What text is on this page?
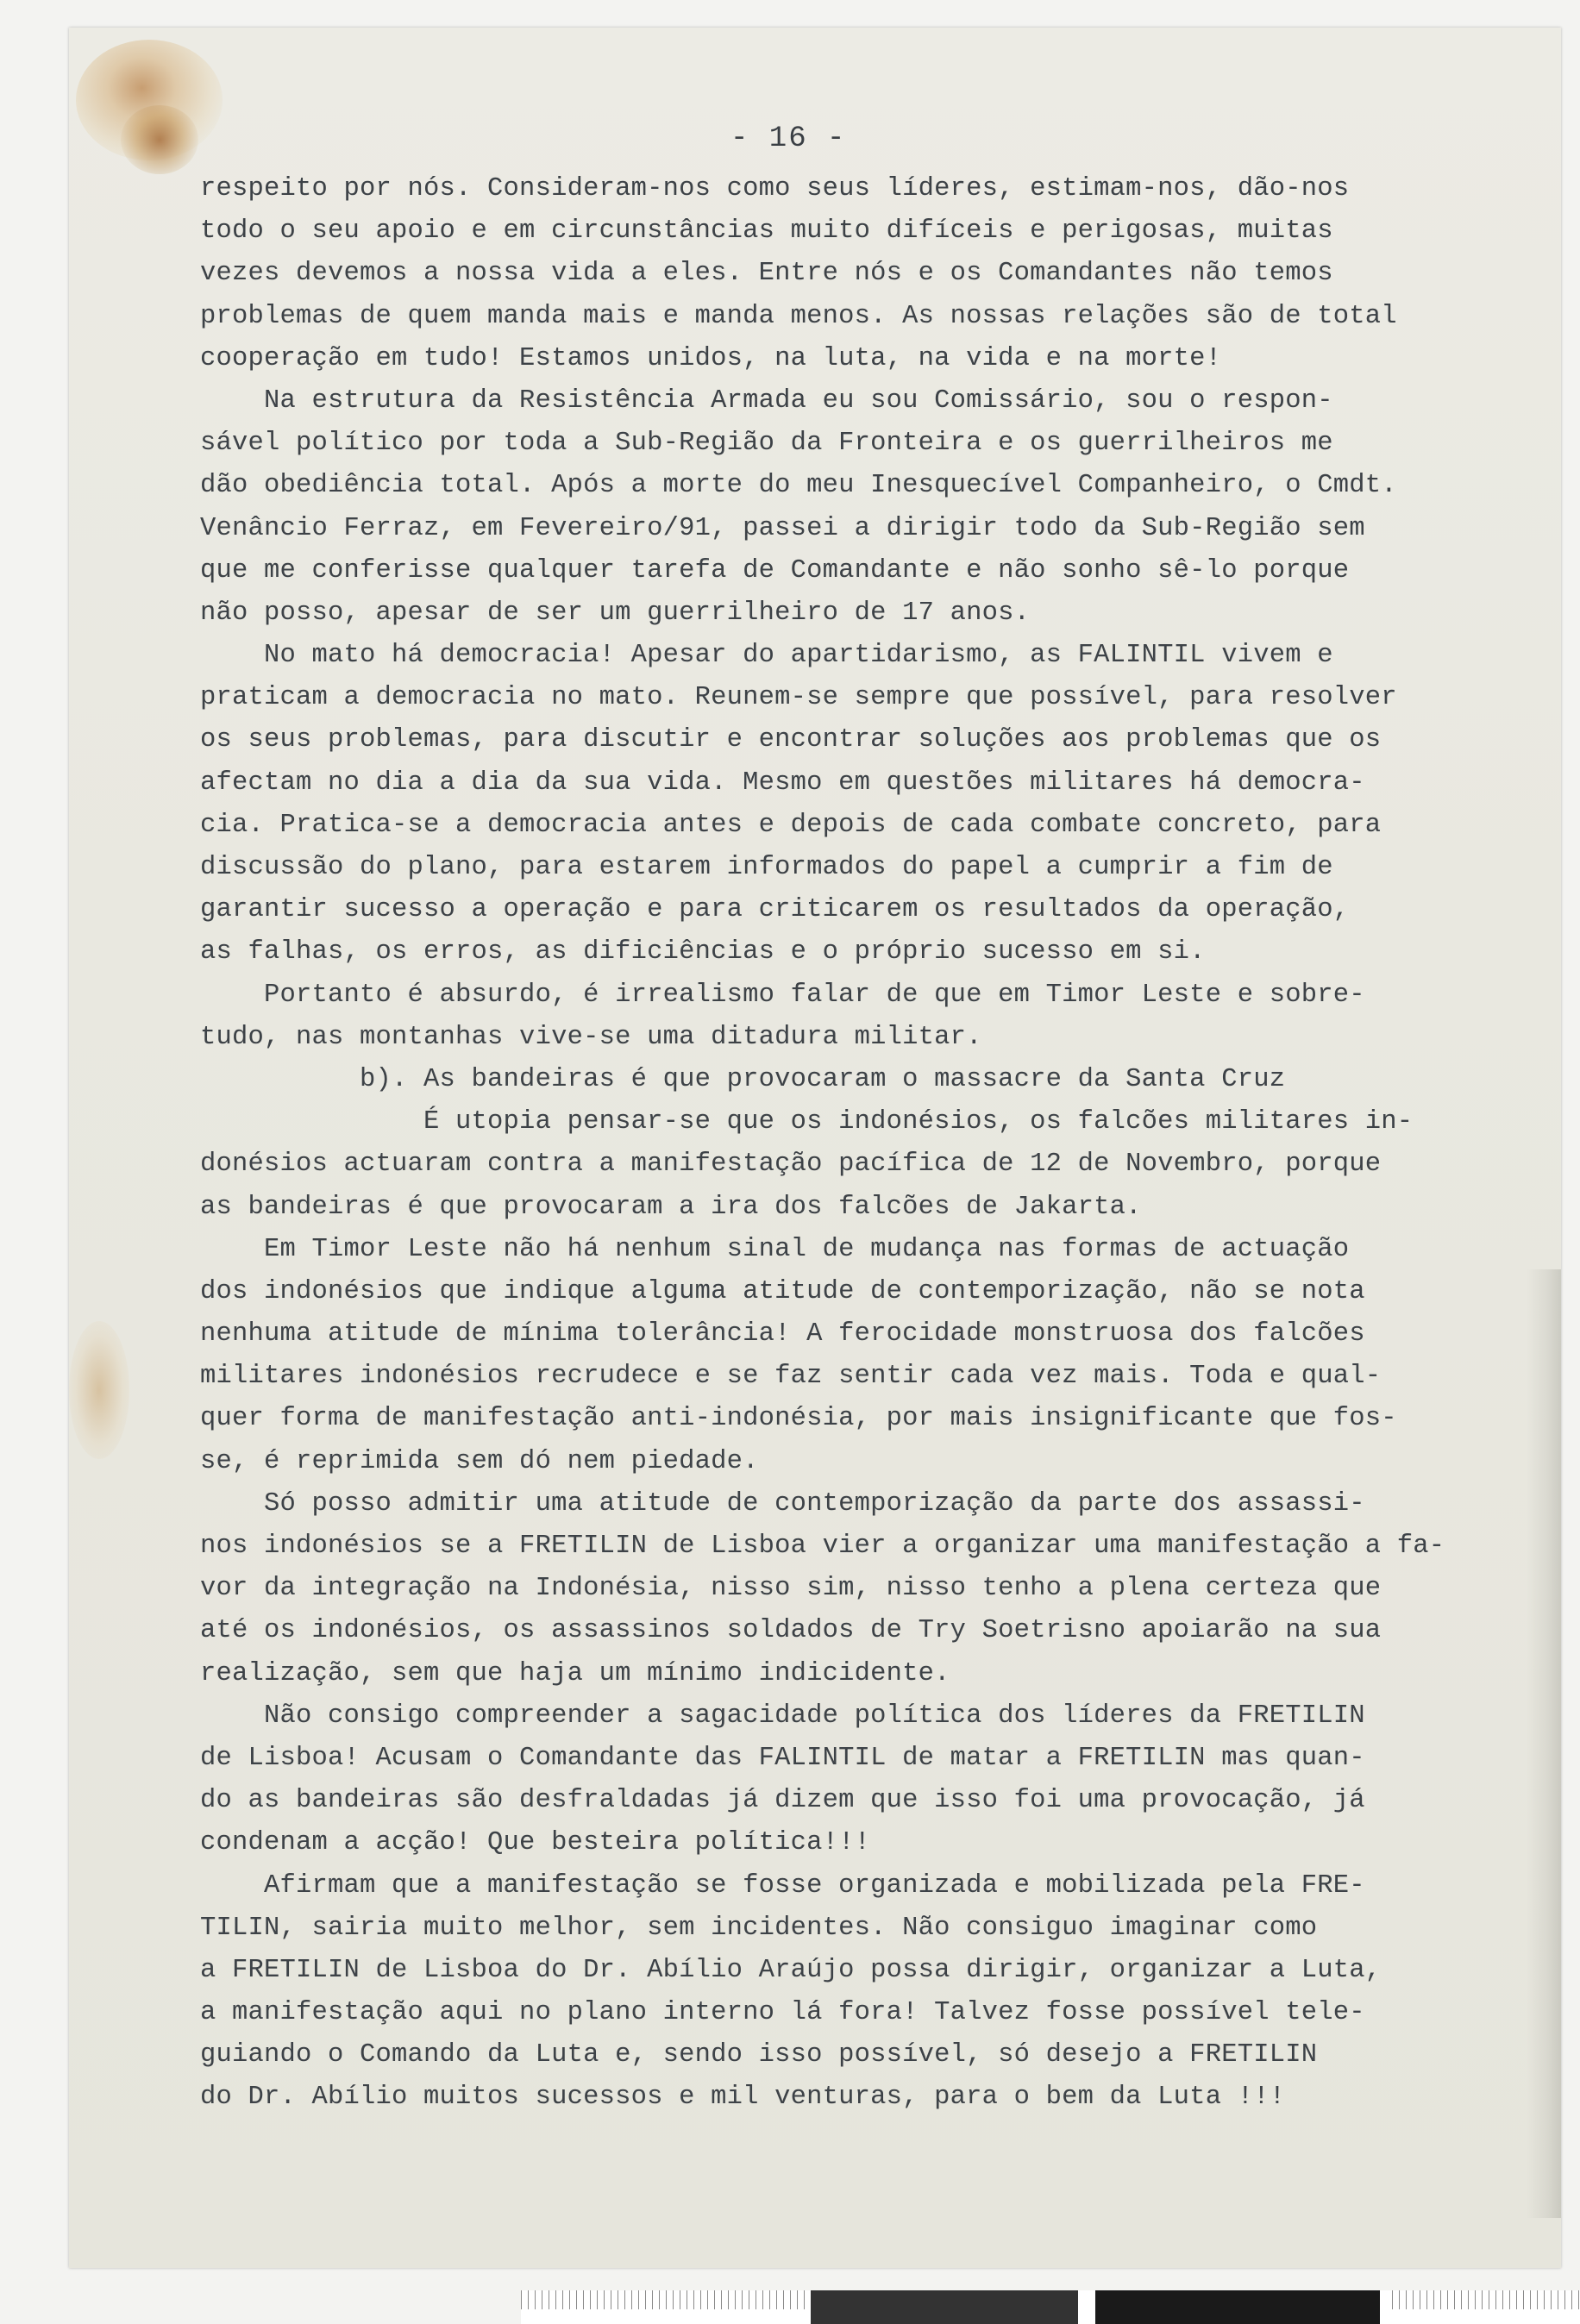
- 16 -
respeito por nós. Consideram-nos como seus líderes, estimam-nos, dão-nos
todo o seu apoio e em circunstâncias muito difíceis e perigosas, muitas
vezes devemos a nossa vida a eles. Entre nós e os Comandantes não temos
problemas de quem manda mais e manda menos. As nossas relações são de total
cooperação em tudo! Estamos unidos, na luta, na vida e na morte!
Na estrutura da Resistência Armada eu sou Comissário, sou o respon-
sável político por toda a Sub-Região da Fronteira e os guerrilheiros me
dão obediência total. Após a morte do meu Inesquecível Companheiro, o Cmdt.
Venâncio Ferraz, em Fevereiro/91, passei a dirigir todo da Sub-Região sem
que me conferisse qualquer tarefa de Comandante e não sonho sê-lo porque
não posso, apesar de ser um guerrilheiro de 17 anos.
No mato há democracia! Apesar do apartidarismo, as FALINTIL vivem e
praticam a democracia no mato. Reunem-se sempre que possível, para resolver
os seus problemas, para discutir e encontrar soluções aos problemas que os
afectam no dia a dia da sua vida. Mesmo em questões militares há democra-
cia. Pratica-se a democracia antes e depois de cada combate concreto, para
discussão do plano, para estarem informados do papel a cumprir a fim de
garantir sucesso a operação e para criticarem os resultados da operação,
as falhas, os erros, as dificiências e o próprio sucesso em si.
Portanto é absurdo, é irrealismo falar de que em Timor Leste e sobre-
tudo, nas montanhas vive-se uma ditadura militar.
b). As bandeiras é que provocaram o massacre da Santa Cruz
É utopia pensar-se que os indonésios, os falcões militares in-
donésios actuaram contra a manifestação pacífica de 12 de Novembro, porque
as bandeiras é que provocaram a ira dos falcões de Jakarta.
Em Timor Leste não há nenhum sinal de mudança nas formas de actuação
dos indonésios que indique alguma atitude de contemporização, não se nota
nenhuma atitude de mínima tolerância! A ferocidade monstruosa dos falcões
militares indonésios recrudece e se faz sentir cada vez mais. Toda e qual-
quer forma de manifestação anti-indonésia, por mais insignificante que fos-
se, é reprimida sem dó nem piedade.
Só posso admitir uma atitude de contemporização da parte dos assassi-
nos indonésios se a FRETILIN de Lisboa vier a organizar uma manifestação a fa-
vor da integração na Indonésia, nisso sim, nisso tenho a plena certeza que
até os indonésios, os assassinos soldados de Try Soetrisno apoiarão na sua
realização, sem que haja um mínimo indicidente.
Não consigo compreender a sagacidade política dos líderes da FRETILIN
de Lisboa! Acusam o Comandante das FALINTIL de matar a FRETILIN mas quan-
do as bandeiras são desfraldadas já dizem que isso foi uma provocação, já
condenam a acção! Que besteira política!!!
Afirmam que a manifestação se fosse organizada e mobilizada pela FRE-
TILIN, sairia muito melhor, sem incidentes. Não consiguo imaginar como
a FRETILIN de Lisboa do Dr. Abílio Araújo possa dirigir, organizar a Luta,
a manifestação aqui no plano interno lá fora! Talvez fosse possível tele-
guiando o Comando da Luta e, sendo isso possível, só desejo a FRETILIN
do Dr. Abílio muitos sucessos e mil venturas, para o bem da Luta !!!
